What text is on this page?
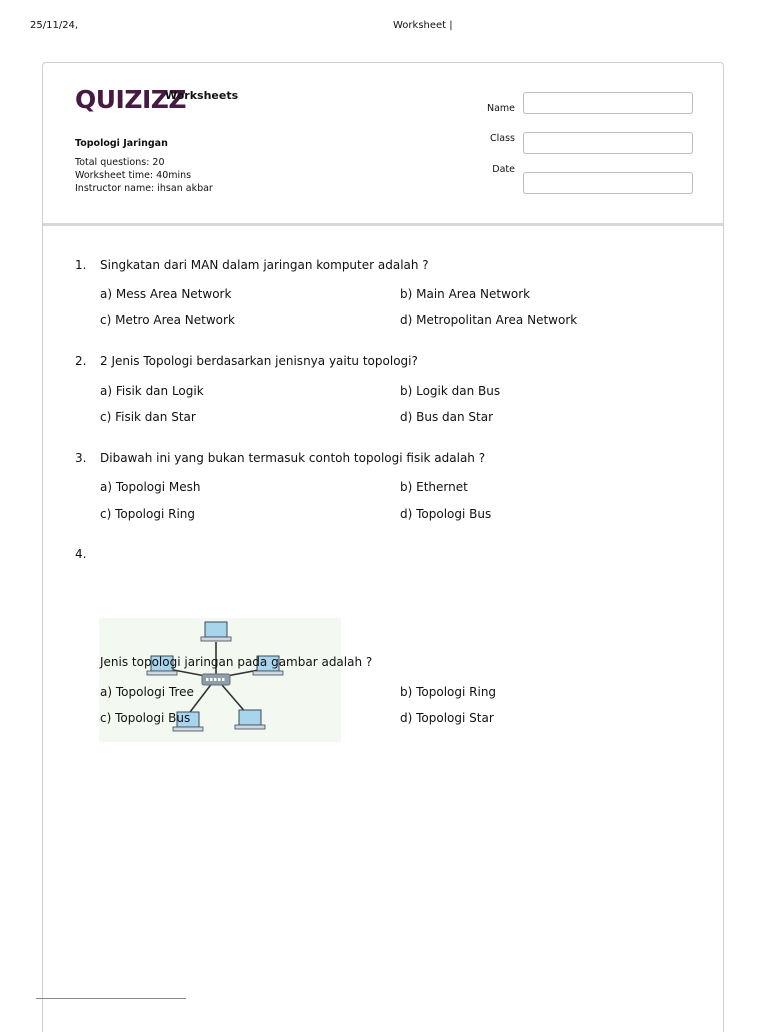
25/11/24,	Worksheet |
QUIZIZZ
Worksheets
Topologi Jaringan
Total questions: 20
Worksheet time: 40mins
Instructor name: ihsan akbar
Name
Class
Date
1.	Singkatan dari MAN dalam jaringan komputer adalah ?
a) Mess Area Network	b) Main Area Network
c) Metro Area Network	d) Metropolitan Area Network
2.	2 Jenis Topologi berdasarkan jenisnya yaitu topologi?
a) Fisik dan Logik	b) Logik dan Bus
c) Fisik dan Star	d) Bus dan Star
3.	Dibawah ini yang bukan termasuk contoh topologi fisik adalah ?
a) Topologi Mesh	b) Ethernet
c) Topologi Ring	d) Topologi Bus
4.
Jenis topologi jaringan pada gambar adalah ?
a) Topologi Tree	b) Topologi Ring
c) Topologi Bus	d) Topologi Star
